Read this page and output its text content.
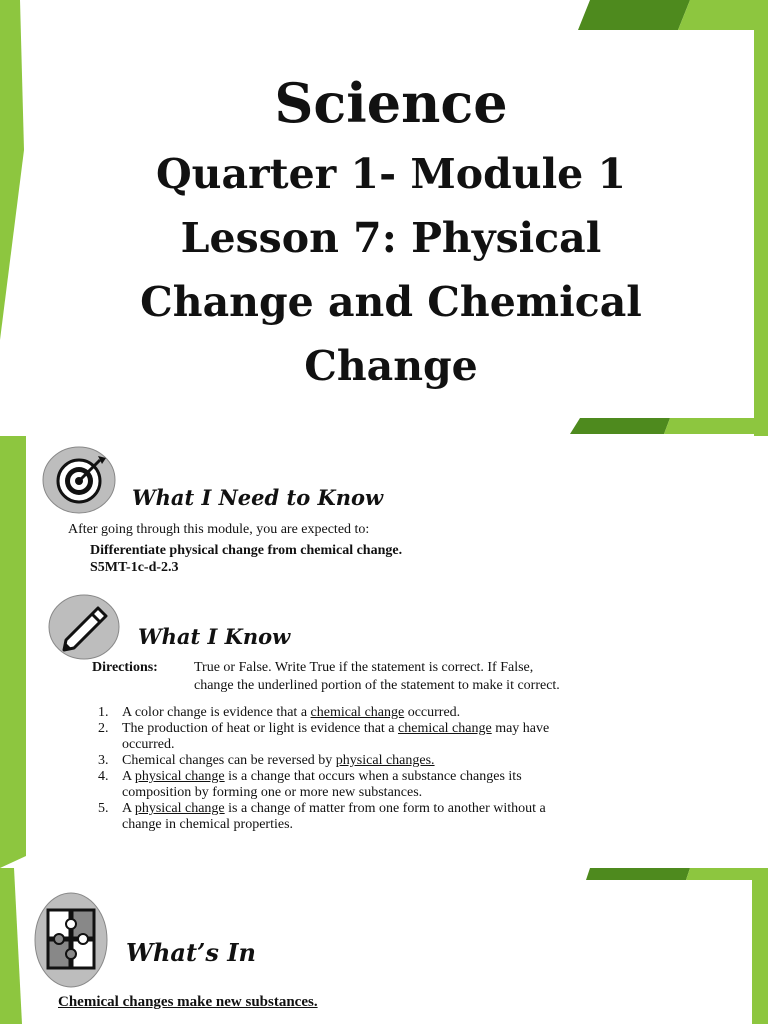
Science
Quarter 1- Module 1
Lesson 7: Physical
Change and Chemical
Change
What I Need to Know

After going through this module, you are expected to:

Differentiate physical change from chemical change.

S5MT-1c-d-2.3

What I Know

Directions:	True or False. Write True if the statement is correct. If False,

change the underlined portion of the statement to make it correct.

1. A color change is evidence that a chemical change occurred.
2. The production of heat or light is evidence that a chemical change may have
occurred.
3. Chemical changes can be reversed by physical changes.
4. A physical change is a change that occurs when a substance changes its
composition by forming one or more new substances.
5. A physical change is a change of matter from one form to another without a
change in chemical properties.
What’s In

Chemical changes make new substances.
